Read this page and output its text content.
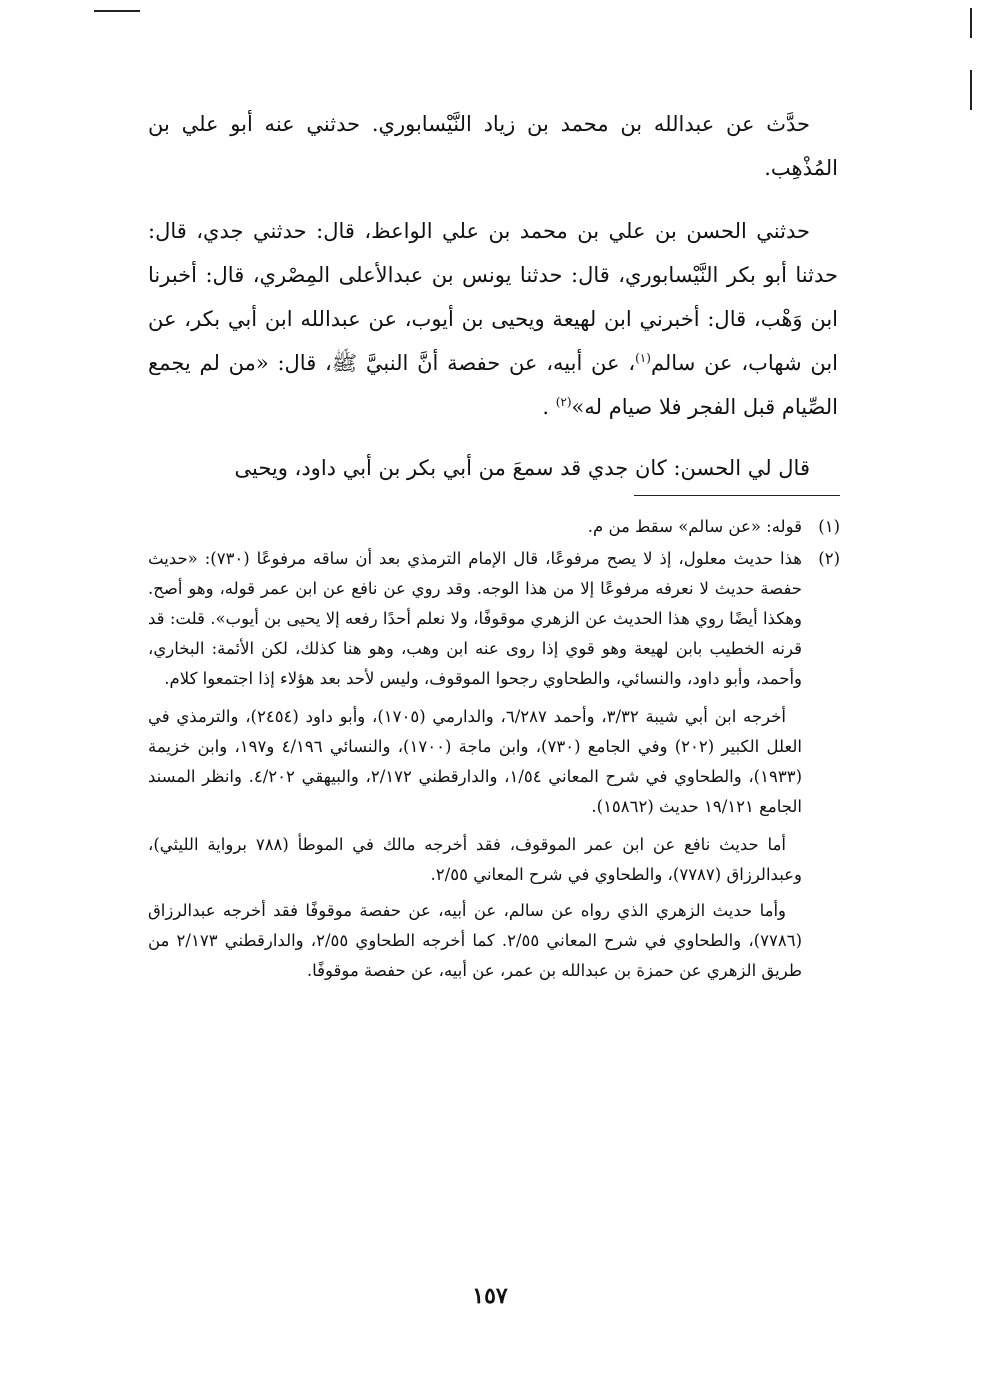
حدَّث عن عبدالله بن محمد بن زياد النَّيْسابوري. حدثني عنه أبو علي بن المُذْهِب.
حدثني الحسن بن علي بن محمد بن علي الواعظ، قال: حدثني جدي، قال: حدثنا أبو بكر النَّيْسابوري، قال: حدثنا يونس بن عبدالأعلى المِصْري، قال: أخبرنا ابن وَهْب، قال: أخبرني ابن لهيعة ويحيى بن أيوب، عن عبدالله ابن أبي بكر، عن ابن شهاب، عن سالم$^{(١)}$، عن أبيه، عن حفصة أنَّ النبيَّ ﷺ، قال: «من لم يجمع الصِّيام قبل الفجر فلا صيام له»$^{(٢)}$ .
قال لي الحسن: كان جدي قد سمعَ من أبي بكر بن أبي داود، ويحيى
(١)

قوله: «عن سالم» سقط من م.

(٢)

هذا حديث معلول، إذ لا يصح مرفوعًا، قال الإمام الترمذي بعد أن ساقه مرفوعًا (٧٣٠): «حديث حفصة حديث لا نعرفه مرفوعًا إلا من هذا الوجه. وقد روي عن نافع عن ابن عمر قوله، وهو أصح. وهكذا أيضًا روي هذا الحديث عن الزهري موقوفًا، ولا نعلم أحدًا رفعه إلا يحيى بن أيوب». قلت: قد قرنه الخطيب بابن لهيعة وهو قوي إذا روى عنه ابن وهب، وهو هنا كذلك، لكن الأئمة: البخاري، وأحمد، وأبو داود، والنسائي، والطحاوي رجحوا الموقوف، وليس لأحد بعد هؤلاء إذا اجتمعوا كلام.

أخرجه ابن أبي شيبة ٣/٣٢، وأحمد ٦/٢٨٧، والدارمي (١٧٠٥)، وأبو داود (٢٤٥٤)، والترمذي في العلل الكبير (٢٠٢) وفي الجامع (٧٣٠)، وابن ماجة (١٧٠٠)، والنسائي ٤/١٩٦ و١٩٧، وابن خزيمة (١٩٣٣)، والطحاوي في شرح المعاني ١/٥٤، والدارقطني ٢/١٧٢، والبيهقي ٤/٢٠٢. وانظر المسند الجامع ١٩/١٢١ حديث (١٥٨٦٢).

أما حديث نافع عن ابن عمر الموقوف، فقد أخرجه مالك في الموطأ (٧٨٨ برواية الليثي)، وعبدالرزاق (٧٧٨٧)، والطحاوي في شرح المعاني ٢/٥٥.

وأما حديث الزهري الذي رواه عن سالم، عن أبيه، عن حفصة موقوفًا فقد أخرجه عبدالرزاق (٧٧٨٦)، والطحاوي في شرح المعاني ٢/٥٥. كما أخرجه الطحاوي ٢/٥٥، والدارقطني ٢/١٧٣ من طريق الزهري عن حمزة بن عبدالله بن عمر، عن أبيه، عن حفصة موقوفًا.

١٥٧
